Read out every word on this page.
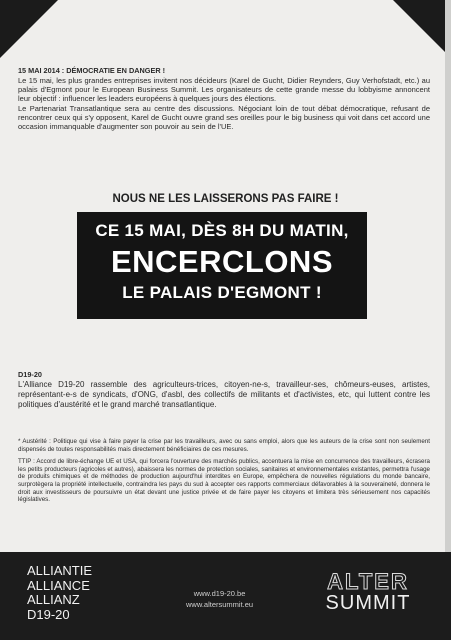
15 MAI 2014 : DÉMOCRATIE EN DANGER !

Le 15 mai, les plus grandes entreprises invitent nos décideurs (Karel de Gucht, Didier Reynders, Guy Verhofstadt, etc.) au palais d'Egmont pour le European Business Summit. Les organisateurs de cette grande messe du lobbyisme annoncent leur objectif : influencer les leaders européens à quelques jours des élections.

Le Partenariat Transatlantique sera au centre des discussions. Négociant loin de tout débat démocratique, refusant de rencontrer ceux qui s'y opposent, Karel de Gucht ouvre grand ses oreilles pour le big business qui voit dans cet accord une occasion immanquable d'augmenter son pouvoir au sein de l'UE.

NOUS NE LES LAISSERONS PAS FAIRE !
CE 15 MAI, DÈS 8H DU MATIN,
ENCERCLONS
LE PALAIS D'EGMONT !
D19-20

L'Alliance D19-20 rassemble des agriculteurs-trices, citoyen-ne-s, travailleur-ses, chômeurs-euses, artistes, représentant-e-s de syndicats, d'ONG, d'asbl, des collectifs de militants et d'activistes, etc, qui luttent contre les politiques d'austérité et le grand marché transatlantique.

* Austérité : Politique qui vise à faire payer la crise par les travailleurs, avec ou sans emploi, alors que les auteurs de la crise sont non seulement dispensés de toutes responsabilités mais directement bénéficiaires de ces mesures.

TTIP : Accord de libre-échange UE et USA, qui forcera l'ouverture des marchés publics, accentuera la mise en concurrence des travailleurs, écrasera les petits producteurs (agricoles et autres), abaissera les normes de protection sociales, sanitaires et environnementales existantes, permettra l'usage de produits chimiques et de méthodes de production aujourd'hui interdites en Europe, empêchera de nouvelles régulations du monde bancaire, surprotègera la propriété intellectuelle, contraindra les pays du sud à accepter ces rapports commerciaux défavorables à la souveraineté, donnera le droit aux investisseurs de poursuivre un état devant une justice privée et de faire payer les citoyens et limitera très sérieusement nos capacités législatives.

ALLIANTIE
ALLIANCE
ALLIANZ
D19-20
www.d19-20.be
www.altersummit.eu
ALTER
SUMMIT
